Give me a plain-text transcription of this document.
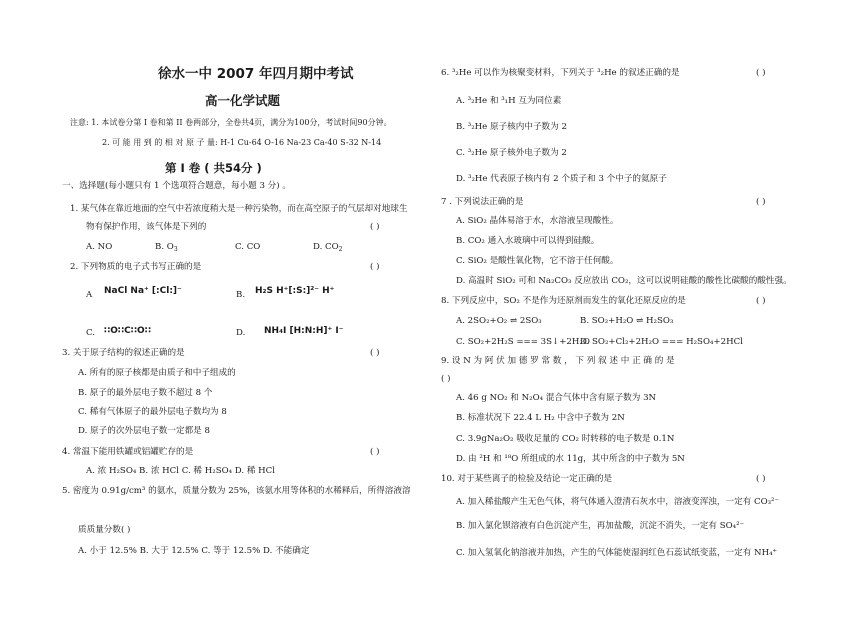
徐水一中 2007 年四月期中考试
高一化学试题
注意: 1. 本试卷分第 I 卷和第 II 卷两部分，全卷共4页，满分为100分，考试时间90分钟。
2. 可 能 用 到 的 相 对 原 子 量: H-1 Cu-64 O-16 Na-23 Ca-40 S-32 N-14
第 I 卷 ( 共54分 )
一、选择题(每小题只有 1 个选项符合题意，每小题 3 分) 。
1. 某气体在靠近地面的空气中若浓度稍大是一种污染物，而在高空原子的气层却对地球生
物有保护作用，该气体是下列的	( )
A. NO	B. $O_3$	C. CO	D. $CO_2$
2. 下列物质的电子式书写正确的是	( )
A NaCl Na⁺ [:Cl:]⁻	B. H₂S H⁺[:S:]²⁻ H⁺
C. ∷O∷C∷O∷	D. NH₄I [H:N:H]⁺ I⁻
3. 关于原子结构的叙述正确的是	( )
A. 所有的原子核都是由质子和中子组成的
B. 原子的最外层电子数不超过 8 个
C. 稀有气体原子的最外层电子数均为 8
D. 原子的次外层电子数一定都是 8
4. 常温下能用铁罐或铝罐贮存的是	( )
A. 浓 H₂SO₄ B. 浓 HCl C. 稀 H₂SO₄ D. 稀 HCl
5. 密度为 0.91g/cm³ 的氨水，质量分数为 25%，该氨水用等体积的水稀释后，所得溶液溶
质质量分数( )
A. 小于 12.5% B. 大于 12.5% C. 等于 12.5% D. 不能确定
6. ³₂He 可以作为核聚变材料，下列关于 ³₂He 的叙述正确的是	( )
A. ³₂He 和 ³₁H 互为同位素
B. ³₂He 原子核内中子数为 2
C. ³₂He 原子核外电子数为 2
D. ³₂He 代表原子核内有 2 个质子和 3 个中子的氦原子
7 . 下列说法正确的是	( )
A. SiO₂ 晶体易溶于水，水溶液呈现酸性。
B. CO₂ 通入水玻璃中可以得到硅酸。
C. SiO₂ 是酸性氧化物，它不溶于任何酸。
D. 高温时 SiO₂ 可和 Na₂CO₃ 反应放出 CO₂，这可以说明硅酸的酸性比碳酸的酸性强。
8. 下列反应中，SO₂ 不是作为还原剂而发生的氧化还原反应的是	( )
A. 2SO₂+O₂ ⇌ 2SO₃	B. SO₂+H₂O ⇌ H₂SO₃
C. SO₂+2H₂S === 3S↓+2H₂O
D. SO₂+Cl₂+2H₂O === H₂SO₄+2HCl
9. 设 N 为 阿 伏 加 德 罗 常 数 ， 下 列 叙 述 中 正 确 的 是
( )
A. 46 g NO₂ 和 N₂O₄ 混合气体中含有原子数为 3N
B. 标准状况下 22.4 L H₂ 中含中子数为 2N
C. 3.9gNa₂O₂ 吸收足量的 CO₂ 时转移的电子数是 0.1N
D. 由 ²H 和 ¹⁸O 所组成的水 11g，其中所含的中子数为 5N
10. 对于某些离子的检验及结论一定正确的是	( )
A. 加入稀盐酸产生无色气体，将气体通入澄清石灰水中，溶液变浑浊，一定有 CO₃²⁻
B. 加入氯化钡溶液有白色沉淀产生，再加盐酸，沉淀不消失，一定有 SO₄²⁻
C. 加入氢氧化钠溶液并加热，产生的气体能使湿润红色石蕊试纸变蓝，一定有 NH₄⁺
